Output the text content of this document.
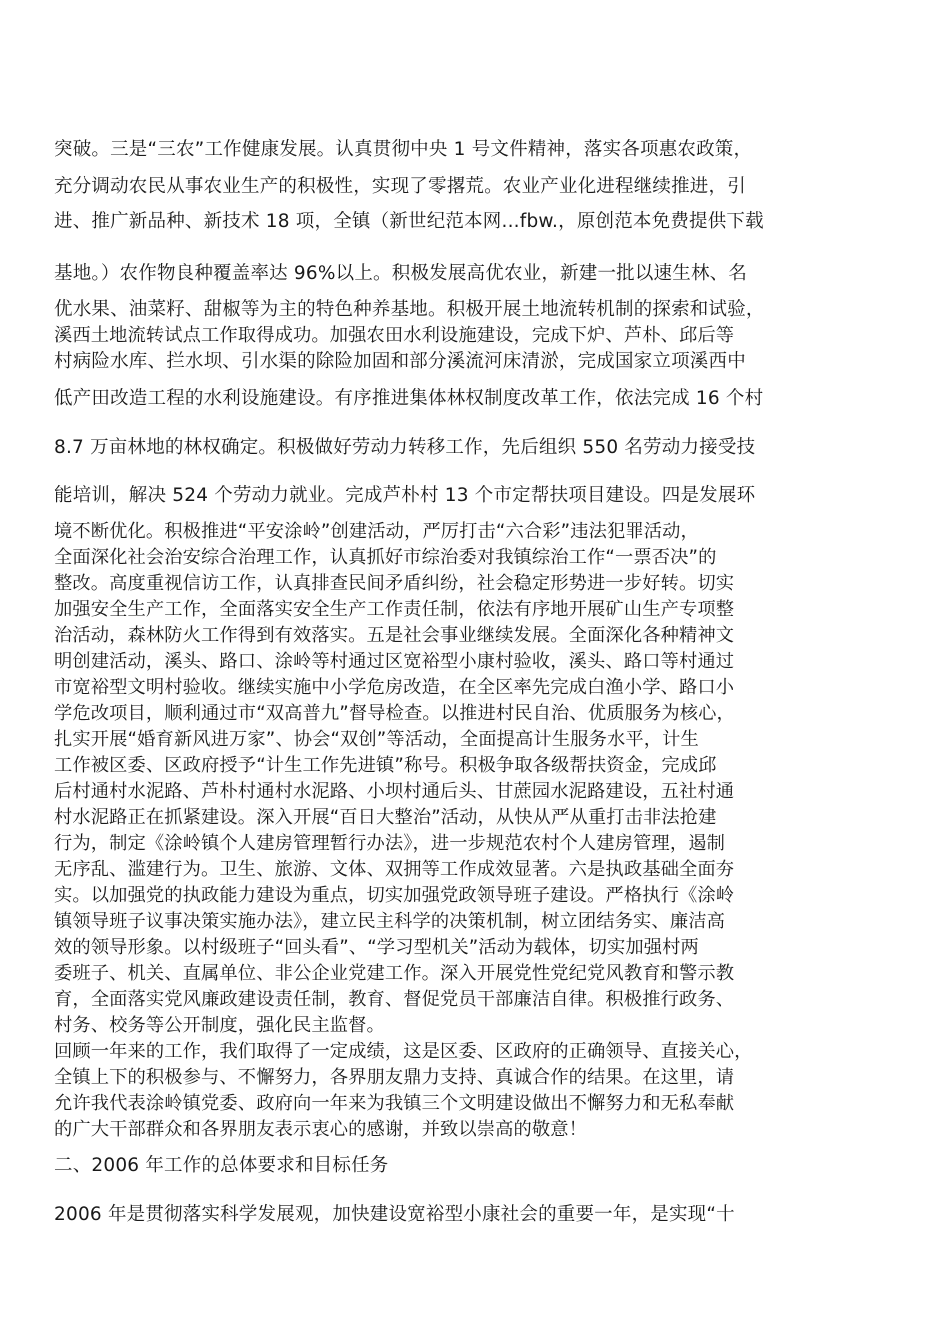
突破。三是“三农”工作健康发展。认真贯彻中央 1 号文件精神，落实各项惠农政策，

充分调动农民从事农业生产的积极性，实现了零撂荒。农业产业化进程继续推进，引

进、推广新品种、新技术 18 项，全镇（新世纪范本网...fbw.，原创范本免费提供下载

基地。）农作物良种覆盖率达 96%以上。积极发展高优农业，新建一批以速生林、名

优水果、油菜籽、甜椒等为主的特色种养基地。积极开展土地流转机制的探索和试验，

溪西土地流转试点工作取得成功。加强农田水利设施建设，完成下炉、芦朴、邱后等

村病险水库、拦水坝、引水渠的除险加固和部分溪流河床清淤，完成国家立项溪西中

低产田改造工程的水利设施建设。有序推进集体林权制度改革工作，依法完成 16 个村

8.7 万亩林地的林权确定。积极做好劳动力转移工作，先后组织 550 名劳动力接受技

能培训，解决 524 个劳动力就业。完成芦朴村 13 个市定帮扶项目建设。四是发展环

境不断优化。积极推进“平安涂岭”创建活动，严厉打击“六合彩”违法犯罪活动，

全面深化社会治安综合治理工作，认真抓好市综治委对我镇综治工作“一票否决”的

整改。高度重视信访工作，认真排查民间矛盾纠纷，社会稳定形势进一步好转。切实

加强安全生产工作，全面落实安全生产工作责任制，依法有序地开展矿山生产专项整

治活动，森林防火工作得到有效落实。五是社会事业继续发展。全面深化各种精神文

明创建活动，溪头、路口、涂岭等村通过区宽裕型小康村验收，溪头、路口等村通过

市宽裕型文明村验收。继续实施中小学危房改造，在全区率先完成白渔小学、路口小

学危改项目，顺利通过市“双高普九”督导检查。以推进村民自治、优质服务为核心，

扎实开展“婚育新风进万家”、协会“双创”等活动，全面提高计生服务水平，计生

工作被区委、区政府授予“计生工作先进镇”称号。积极争取各级帮扶资金，完成邱

后村通村水泥路、芦朴村通村水泥路、小坝村通后头、甘蔗园水泥路建设，五社村通

村水泥路正在抓紧建设。深入开展“百日大整治”活动，从快从严从重打击非法抢建

行为，制定《涂岭镇个人建房管理暂行办法》，进一步规范农村个人建房管理，遏制

无序乱、滥建行为。卫生、旅游、文体、双拥等工作成效显著。六是执政基础全面夯

实。以加强党的执政能力建设为重点，切实加强党政领导班子建设。严格执行《涂岭

镇领导班子议事决策实施办法》，建立民主科学的决策机制，树立团结务实、廉洁高

效的领导形象。以村级班子“回头看”、“学习型机关”活动为载体，切实加强村两

委班子、机关、直属单位、非公企业党建工作。深入开展党性党纪党风教育和警示教

育，全面落实党风廉政建设责任制，教育、督促党员干部廉洁自律。积极推行政务、

村务、校务等公开制度，强化民主监督。

回顾一年来的工作，我们取得了一定成绩，这是区委、区政府的正确领导、直接关心，

全镇上下的积极参与、不懈努力，各界朋友鼎力支持、真诚合作的结果。在这里，请

允许我代表涂岭镇党委、政府向一年来为我镇三个文明建设做出不懈努力和无私奉献

的广大干部群众和各界朋友表示衷心的感谢，并致以崇高的敬意！

二、2006 年工作的总体要求和目标任务

2006 年是贯彻落实科学发展观，加快建设宽裕型小康社会的重要一年，是实现“十
